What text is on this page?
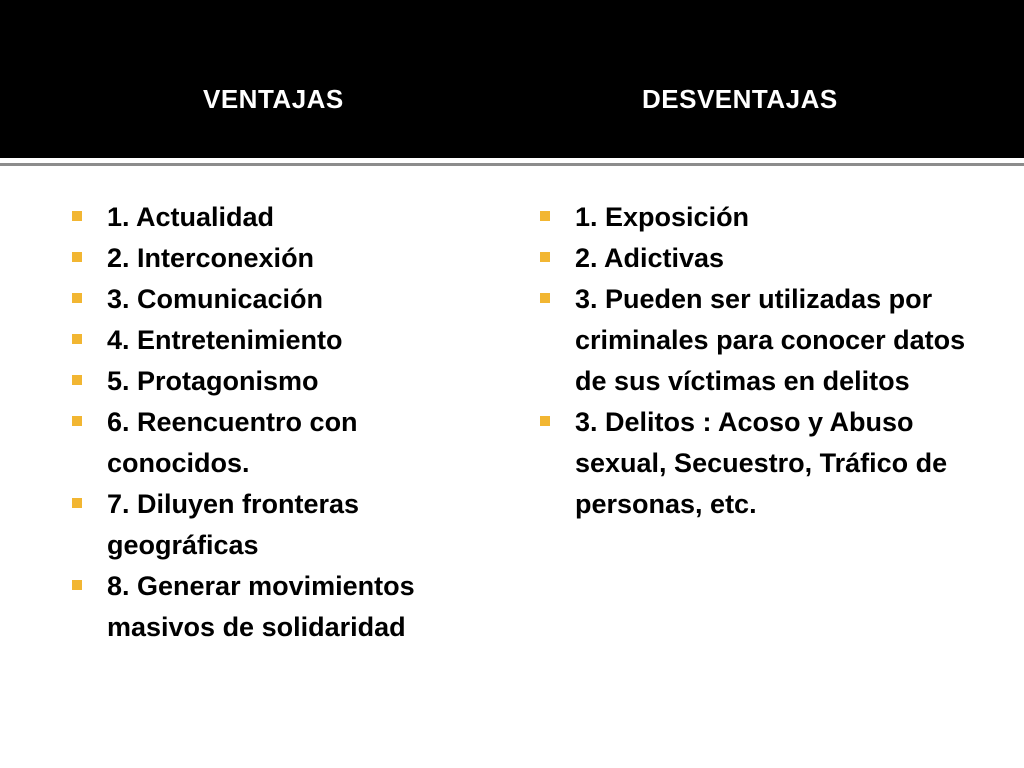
VENTAJAS	DESVENTAJAS
1. Actualidad
2. Interconexión
3. Comunicación
4. Entretenimiento
5. Protagonismo
6. Reencuentro con conocidos.
7. Diluyen fronteras geográficas
8. Generar movimientos masivos de solidaridad
1. Exposición
2. Adictivas
3. Pueden ser utilizadas por criminales para conocer datos de sus víctimas en delitos
3. Delitos : Acoso y Abuso sexual, Secuestro, Tráfico de personas, etc.
